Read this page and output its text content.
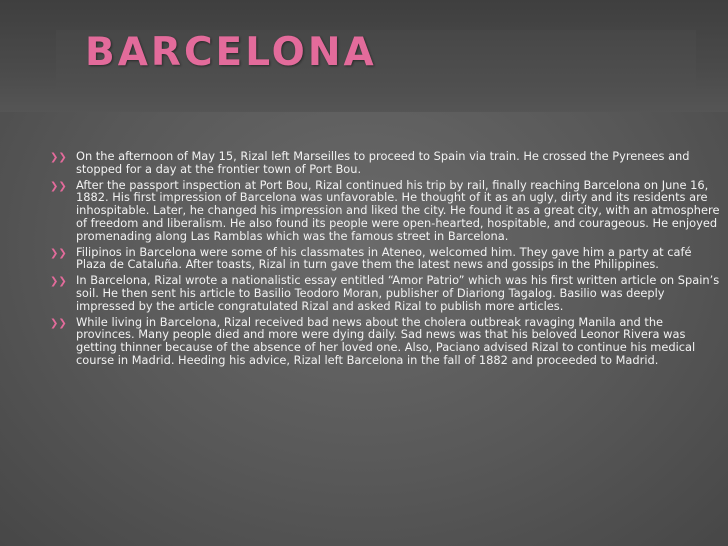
BARCELONA
❯❯ On the afternoon of May 15, Rizal left Marseilles to proceed to Spain via train. He crossed the Pyrenees and stopped for a day at the frontier town of Port Bou.
❯❯ After the passport inspection at Port Bou, Rizal continued his trip by rail, finally reaching Barcelona on June 16, 1882. His first impression of Barcelona was unfavorable. He thought of it as an ugly, dirty and its residents are inhospitable. Later, he changed his impression and liked the city. He found it as a great city, with an atmosphere of freedom and liberalism. He also found its people were open-hearted, hospitable, and courageous. He enjoyed promenading along Las Ramblas which was the famous street in Barcelona.
❯❯ Filipinos in Barcelona were some of his classmates in Ateneo, welcomed him. They gave him a party at café Plaza de Cataluña. After toasts, Rizal in turn gave them the latest news and gossips in the Philippines.
❯❯ In Barcelona, Rizal wrote a nationalistic essay entitled “Amor Patrio” which was his first written article on Spain’s soil. He then sent his article to Basilio Teodoro Moran, publisher of Diariong Tagalog. Basilio was deeply impressed by the article congratulated Rizal and asked Rizal to publish more articles.
❯❯ While living in Barcelona, Rizal received bad news about the cholera outbreak ravaging Manila and the provinces. Many people died and more were dying daily. Sad news was that his beloved Leonor Rivera was getting thinner because of the absence of her loved one. Also, Paciano advised Rizal to continue his medical course in Madrid. Heeding his advice, Rizal left Barcelona in the fall of 1882 and proceeded to Madrid.
